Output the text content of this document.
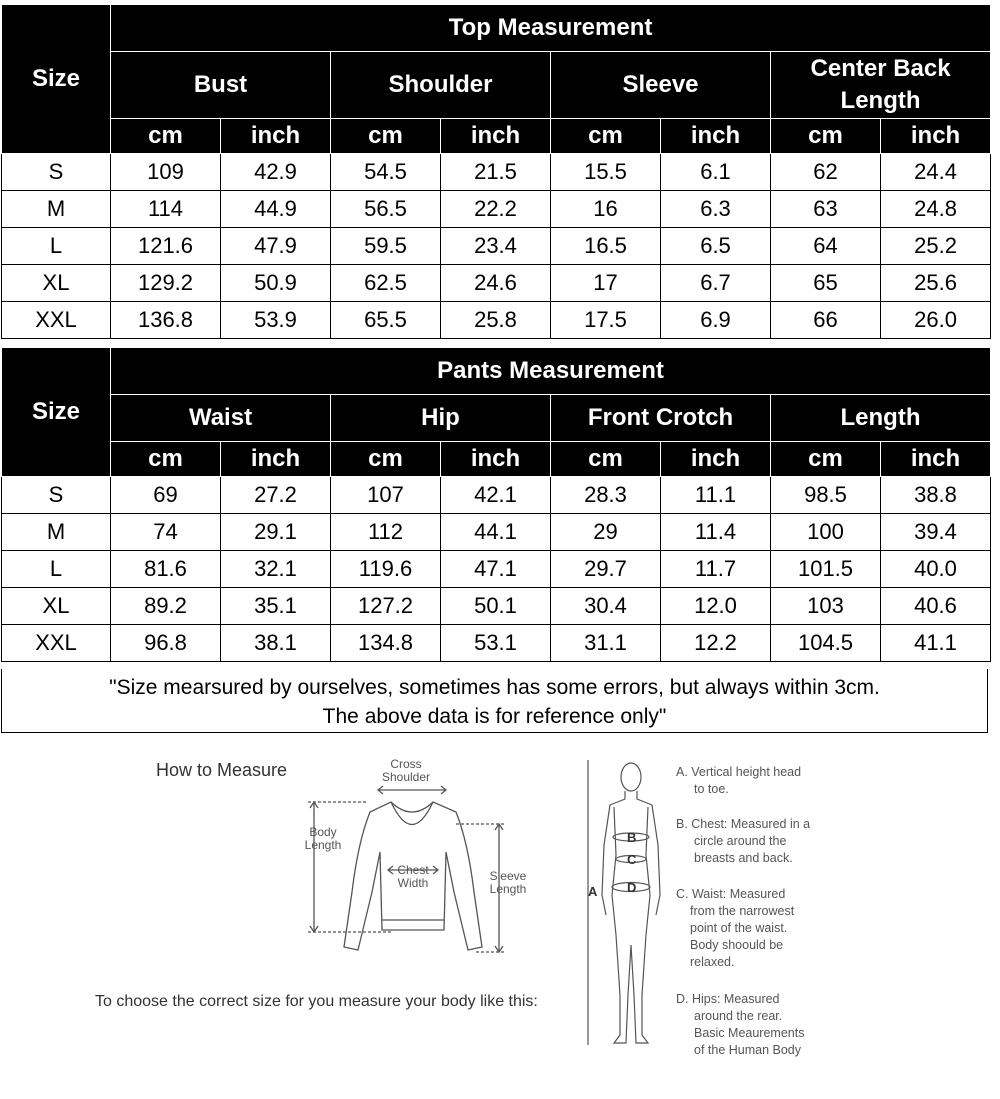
Size	Top Measurement							
	Bust		Shoulder		Sleeve		Center Back Length	
	cm	inch	cm	inch	cm	inch	cm	inch
S	109	42.9	54.5	21.5	15.5	6.1	62	24.4
M	114	44.9	56.5	22.2	16	6.3	63	24.8
L	121.6	47.9	59.5	23.4	16.5	6.5	64	25.2
XL	129.2	50.9	62.5	24.6	17	6.7	65	25.6
XXL	136.8	53.9	65.5	25.8	17.5	6.9	66	26.0
Size	Pants Measurement							
	Waist		Hip		Front Crotch		Length	
	cm	inch	cm	inch	cm	inch	cm	inch
S	69	27.2	107	42.1	28.3	11.1	98.5	38.8
M	74	29.1	112	44.1	29	11.4	100	39.4
L	81.6	32.1	119.6	47.1	29.7	11.7	101.5	40.0
XL	89.2	35.1	127.2	50.1	30.4	12.0	103	40.6
XXL	96.8	38.1	134.8	53.1	31.1	12.2	104.5	41.1
"Size mearsured by ourselves, sometimes has some errors, but always within 3cm.
The above data is for reference only"
How to Measure	Cross
Shoulder
Body
Length
Chest
Width	Sleeve
Length
To choose the correct size for you measure your body like this:
A
B
C
D
A. Vertical height head
to toe.
B. Chest: Measured in a
circle around the
breasts and back.
C. Waist: Measured
from the narrowest
point of the waist.
Body shoould be
relaxed.
D. Hips: Measured
around the rear.
Basic Meaurements
of the Human Body
